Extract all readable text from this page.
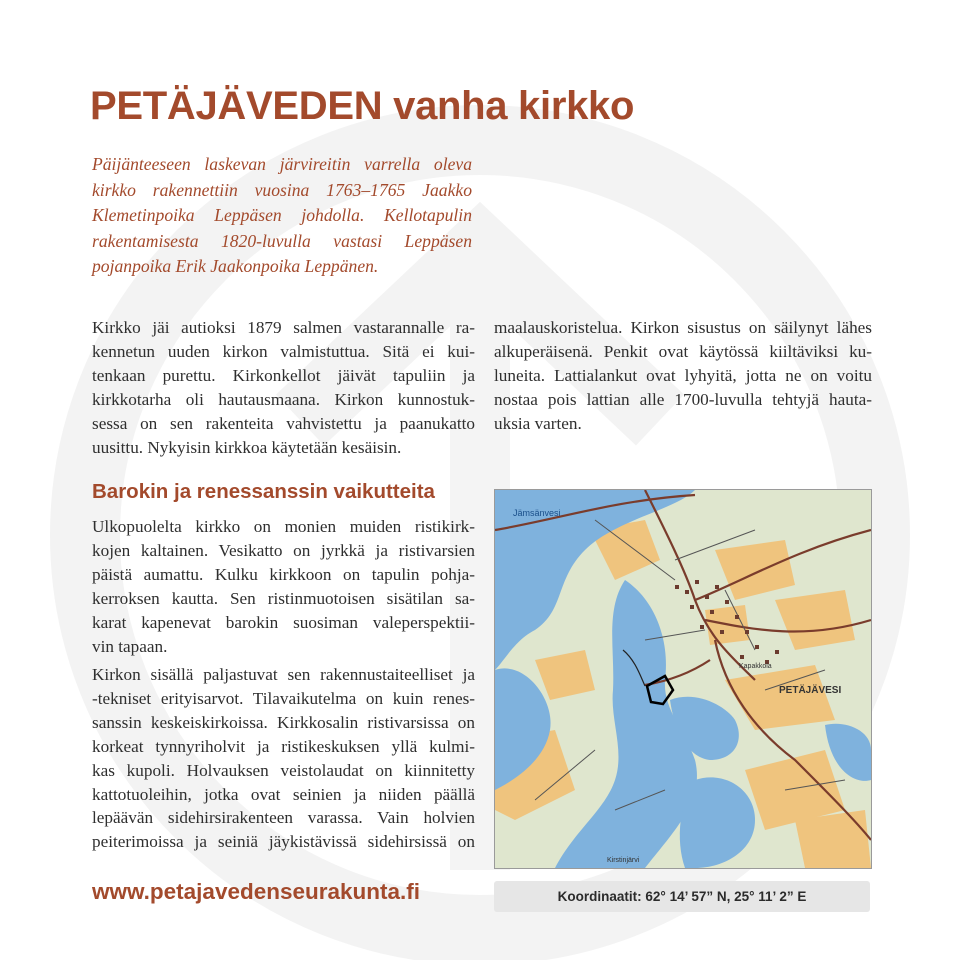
PETÄJÄVEDEN vanha kirkko
Päijänteeseen laskevan järvireitin varrella oleva
kirkko rakennettiin vuosina 1763–1765 Jaakko
Klemetinpoika Leppäsen johdolla. Kellotapulin
rakentamisesta 1820-luvulla vastasi Leppäsen
pojanpoika Erik Jaakonpoika Leppänen.
Kirkko jäi autioksi 1879 salmen vastarannalle ra-
kennetun uuden kirkon valmistuttua. Sitä ei kui-
tenkaan purettu. Kirkonkellot jäivät tapuliin ja
kirkkotarha oli hautausmaana. Kirkon kunnostuk-
sessa on sen rakenteita vahvistettu ja paanukatto
uusittu. Nykyisin kirkkoa käytetään kesäisin.
Barokin ja renessanssin vaikutteita
Ulkopuolelta kirkko on monien muiden ristikirk-
kojen kaltainen. Vesikatto on jyrkkä ja ristivarsien
päistä aumattu. Kulku kirkkoon on tapulin pohja-
kerroksen kautta. Sen ristinmuotoisen sisätilan sa-
karat kapenevat barokin suosiman valeperspektii-
vin tapaan.
Kirkon sisällä paljastuvat sen rakennustaiteelliset ja
-tekniset erityisarvot. Tilavaikutelma on kuin renes-
sanssin keskeiskirkoissa. Kirkkosalin ristivarsissa on
korkeat tynnyriholvit ja ristikeskuksen yllä kulmi-
kas kupoli. Holvauksen veistolaudat on kiinnitetty
kattotuoleihin, jotka ovat seinien ja niiden päällä
lepäävän sidehirsirakenteen varassa. Vain holvien
peiterimoissa ja seiniä jäykistävissä sidehirsissä on
maalauskoristelua. Kirkon sisustus on säilynyt lähes
alkuperäisenä. Penkit ovat käytössä kiiltäviksi ku-
luneita. Lattialankut ovat lyhyitä, jotta ne on voitu
nostaa pois lattian alle 1700-luvulla tehtyjä hauta-
uksia varten.
Jämsänvesi
PETÄJÄVESI
Kapakkola
Kirstinjärvi
www.petajavedenseurakunta.fi	Koordinaatit: 62° 14’ 57” N, 25° 11’ 2” E
